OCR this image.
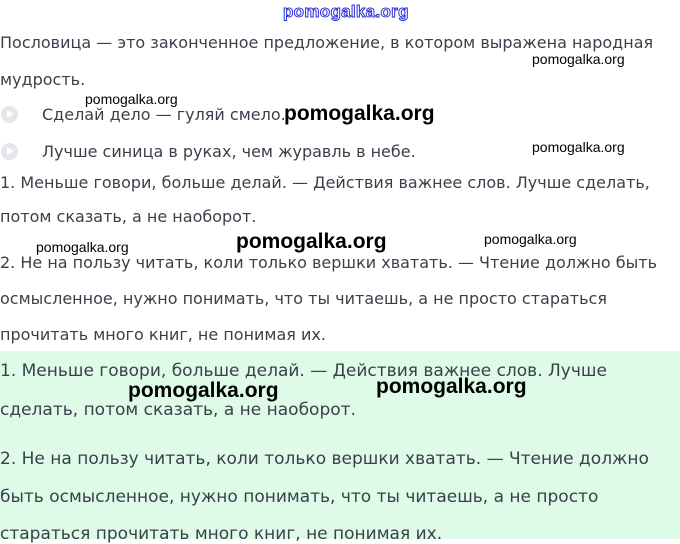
pomogalka.org
Пословица — это законченное предложение, в котором выражена народная
мудрость.
Сделай дело — гуляй смело.
Лучше синица в руках, чем журавль в небе.
1. Меньше говори, больше делай. — Действия важнее слов. Лучше сделать,
потом сказать, а не наоборот.
2. Не на пользу читать, коли только вершки хватать. — Чтение должно быть
осмысленное, нужно понимать, что ты читаешь, а не просто стараться
прочитать много книг, не понимая их.
1. Меньше говори, больше делай. — Действия важнее слов. Лучше
сделать, потом сказать, а не наоборот.
2. Не на пользу читать, коли только вершки хватать. — Чтение должно
быть осмысленное, нужно понимать, что ты читаешь, а не просто
стараться прочитать много книг, не понимая их.
pomogalka.org
pomogalka.org
pomogalka.org
pomogalka.org
pomogalka.org	pomogalka.org	pomogalka.org
pomogalka.org	pomogalka.org
